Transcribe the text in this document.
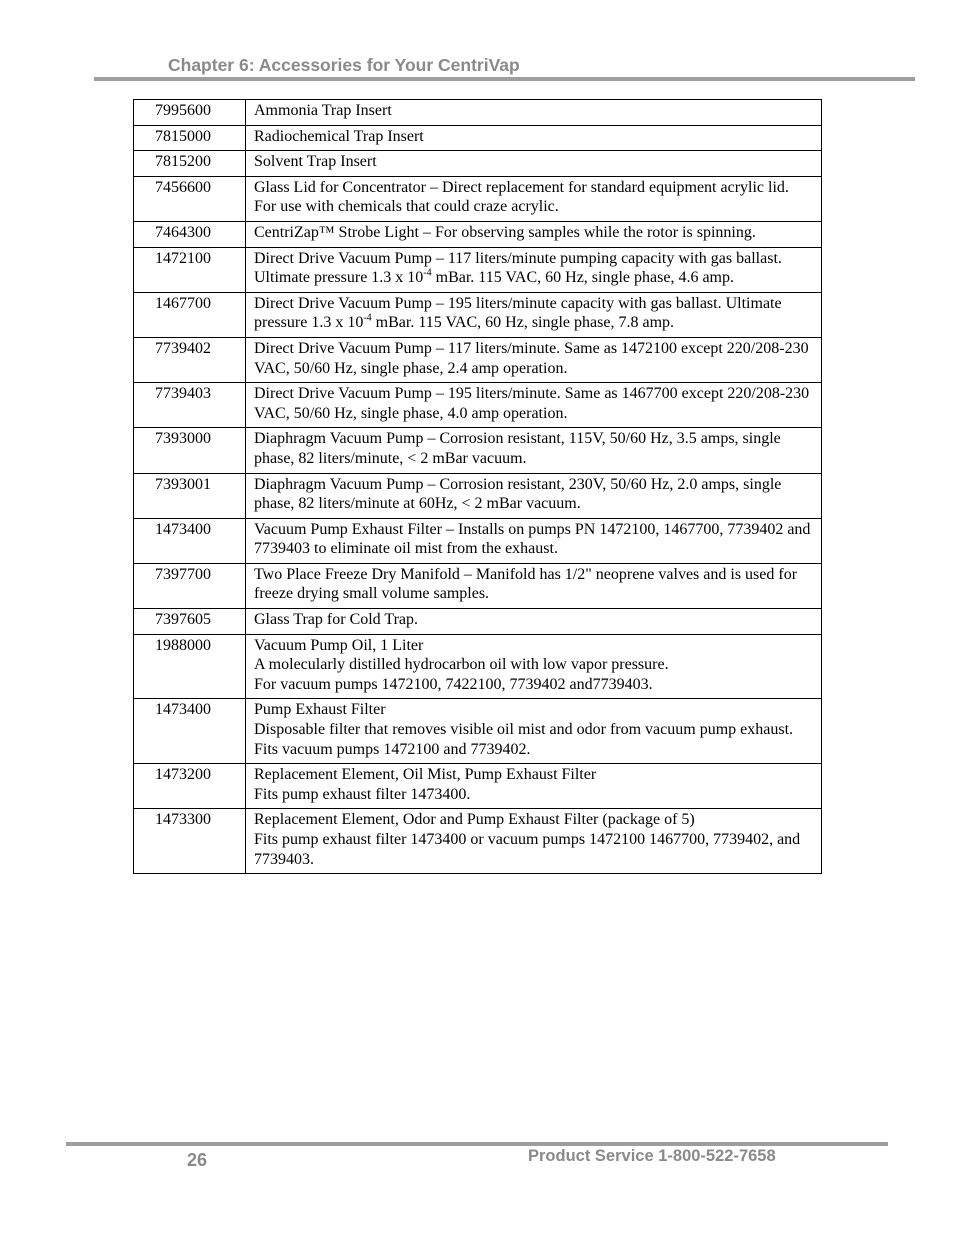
Chapter 6: Accessories for Your CentriVap
7995600	Ammonia Trap Insert

7815000	Radiochemical Trap Insert

7815200	Solvent Trap Insert

7456600	Glass Lid for Concentrator – Direct replacement for standard equipment acrylic lid. For use with chemicals that could craze acrylic.

7464300	CentriZap™ Strobe Light – For observing samples while the rotor is spinning.

1472100	Direct Drive Vacuum Pump – 117 liters/minute pumping capacity with gas ballast. Ultimate pressure 1.3 x $10^{-4}$ mBar. 115 VAC, 60 Hz, single phase, 4.6 amp.
1467700	Direct Drive Vacuum Pump – 195 liters/minute capacity with gas ballast. Ultimate pressure 1.3 x $10^{-4}$ mBar. 115 VAC, 60 Hz, single phase, 7.8 amp.
7739402	Direct Drive Vacuum Pump – 117 liters/minute. Same as 1472100 except 220/208-230 VAC, 50/60 Hz, single phase, 2.4 amp operation.

7739403	Direct Drive Vacuum Pump – 195 liters/minute. Same as 1467700 except 220/208-230 VAC, 50/60 Hz, single phase, 4.0 amp operation.

7393000	Diaphragm Vacuum Pump – Corrosion resistant, 115V, 50/60 Hz, 3.5 amps, single phase, 82 liters/minute, < 2 mBar vacuum.

7393001	Diaphragm Vacuum Pump – Corrosion resistant, 230V, 50/60 Hz, 2.0 amps, single phase, 82 liters/minute at 60Hz, < 2 mBar vacuum.

1473400	Vacuum Pump Exhaust Filter – Installs on pumps PN 1472100, 1467700, 7739402 and 7739403 to eliminate oil mist from the exhaust.

7397700	Two Place Freeze Dry Manifold – Manifold has 1/2" neoprene valves and is used for freeze drying small volume samples.

7397605	Glass Trap for Cold Trap.

1988000	Vacuum Pump Oil, 1 Liter
A molecularly distilled hydrocarbon oil with low vapor pressure.
For vacuum pumps 1472100, 7422100, 7739402 and7739403.

1473400	Pump Exhaust Filter
Disposable filter that removes visible oil mist and odor from vacuum pump exhaust. Fits vacuum pumps 1472100 and 7739402.

1473200	Replacement Element, Oil Mist, Pump Exhaust Filter
Fits pump exhaust filter 1473400.

1473300	Replacement Element, Odor and Pump Exhaust Filter (package of 5)
Fits pump exhaust filter 1473400 or vacuum pumps 1472100 1467700, 7739402, and 7739403.
26	Product Service 1-800-522-7658
